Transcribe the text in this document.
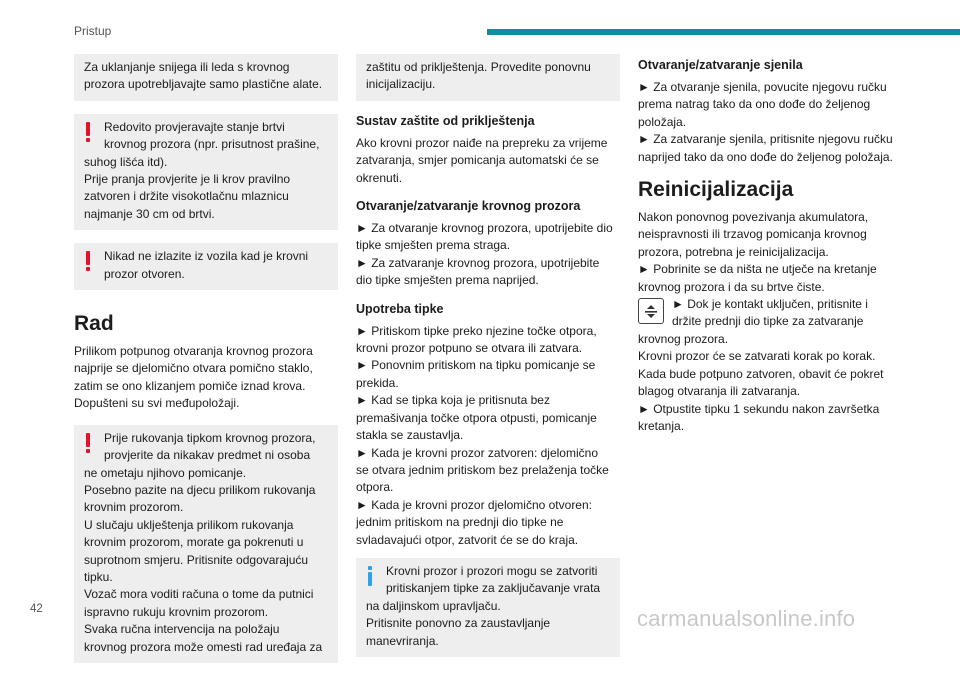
Pristup
Za uklanjanje snijega ili leda s krovnog
prozora upotrebljavajte samo plastične alate.
Redovito provjeravajte stanje brtvi
krovnog prozora (npr. prisutnost prašine,
suhog lišća itd).
Prije pranja provjerite je li krov pravilno
zatvoren i držite visokotlačnu mlaznicu
najmanje 30 cm od brtvi.
Nikad ne izlazite iz vozila kad je krovni
prozor otvoren.
Rad
Prilikom potpunog otvaranja krovnog prozora
najprije se djelomično otvara pomično staklo,
zatim se ono klizanjem pomiče iznad krova.
Dopušteni su svi međupoložaji.
Prije rukovanja tipkom krovnog prozora,
provjerite da nikakav predmet ni osoba
ne ometaju njihovo pomicanje.
Posebno pazite na djecu prilikom rukovanja
krovnim prozorom.
U slučaju uklještenja prilikom rukovanja
krovnim prozorom, morate ga pokrenuti u
suprotnom smjeru. Pritisnite odgovarajuću
tipku.
Vozač mora voditi računa o tome da putnici
ispravno rukuju krovnim prozorom.
Svaka ručna intervencija na položaju
krovnog prozora može omesti rad uređaja za
zaštitu od priklještenja. Provedite ponovnu
inicijalizaciju.
Sustav zaštite od priklještenja
Ako krovni prozor naiđe na prepreku za vrijeme
zatvaranja, smjer pomicanja automatski će se
okrenuti.
Otvaranje/zatvaranje krovnog prozora
► Za otvaranje krovnog prozora, upotrijebite dio
tipke smješten prema straga.
► Za zatvaranje krovnog prozora, upotrijebite
dio tipke smješten prema naprijed.
Upotreba tipke
► Pritiskom tipke preko njezine točke otpora,
krovni prozor potpuno se otvara ili zatvara.
► Ponovnim pritiskom na tipku pomicanje se
prekida.
► Kad se tipka koja je pritisnuta bez
premašivanja točke otpora otpusti, pomicanje
stakla se zaustavlja.
► Kada je krovni prozor zatvoren: djelomično
se otvara jednim pritiskom bez prelaženja točke
otpora.
► Kada je krovni prozor djelomično otvoren:
jednim pritiskom na prednji dio tipke ne
svladavajući otpor, zatvorit će se do kraja.
Krovni prozor i prozori mogu se zatvoriti
pritiskanjem tipke za zaključavanje vrata
na daljinskom upravljaču.
Pritisnite ponovno za zaustavljanje
manevriranja.
Otvaranje/zatvaranje sjenila
► Za otvaranje sjenila, povucite njegovu ručku
prema natrag tako da ono dođe do željenog
položaja.
► Za zatvaranje sjenila, pritisnite njegovu ručku
naprijed tako da ono dođe do željenog položaja.
Reinicijalizacija
Nakon ponovnog povezivanja akumulatora,
neispravnosti ili trzavog pomicanja krovnog
prozora, potrebna je reinicijalizacija.
► Pobrinite se da ništa ne utječe na kretanje
krovnog prozora i da su brtve čiste.
► Dok je kontakt uključen, pritisnite i
držite prednji dio tipke za zatvaranje
krovnog prozora.
Krovni prozor će se zatvarati korak po korak.
Kada bude potpuno zatvoren, obavit će pokret
blagog otvaranja ili zatvaranja.
► Otpustite tipku 1 sekundu nakon završetka
kretanja.
42	carmanualsonline.info
